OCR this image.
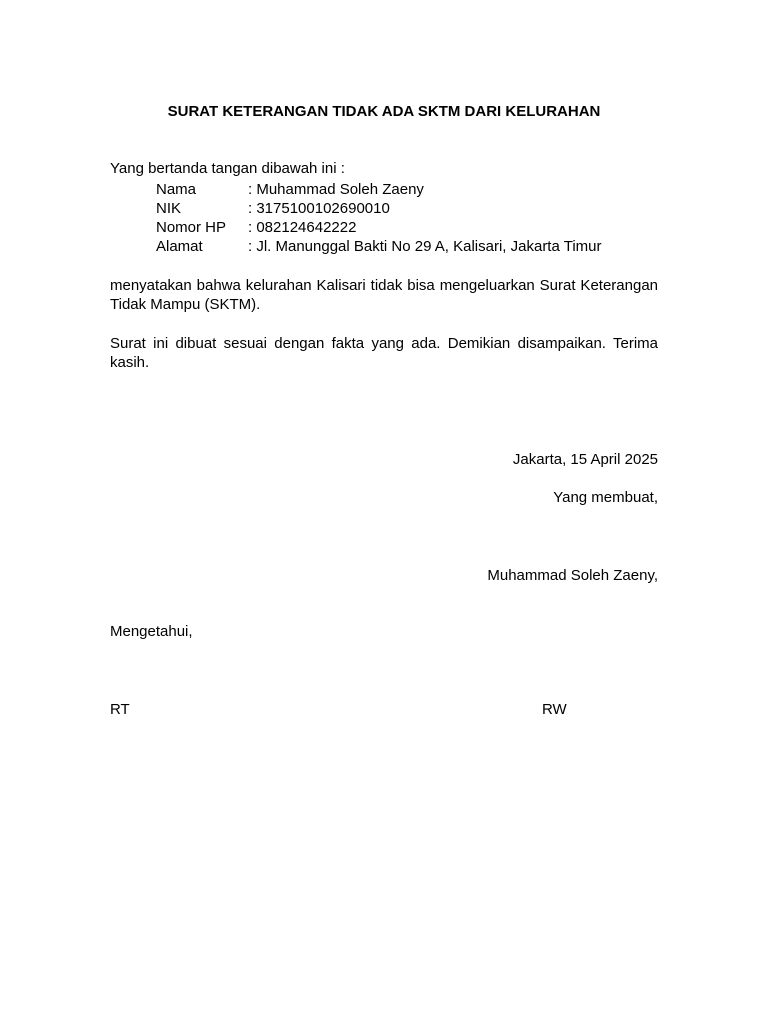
SURAT KETERANGAN TIDAK ADA SKTM DARI KELURAHAN
Yang bertanda tangan dibawah ini :
Nama	: Muhammad Soleh Zaeny
NIK	: 3175100102690010
Nomor HP : 082124642222
Alamat	: Jl. Manunggal Bakti No 29 A, Kalisari, Jakarta Timur
menyatakan bahwa kelurahan Kalisari tidak bisa mengeluarkan Surat Keterangan Tidak Mampu (SKTM).
Surat ini dibuat sesuai dengan fakta yang ada. Demikian disampaikan. Terima kasih.
Jakarta, 15 April 2025
Yang membuat,
Muhammad Soleh Zaeny,
Mengetahui,
RT	RW
